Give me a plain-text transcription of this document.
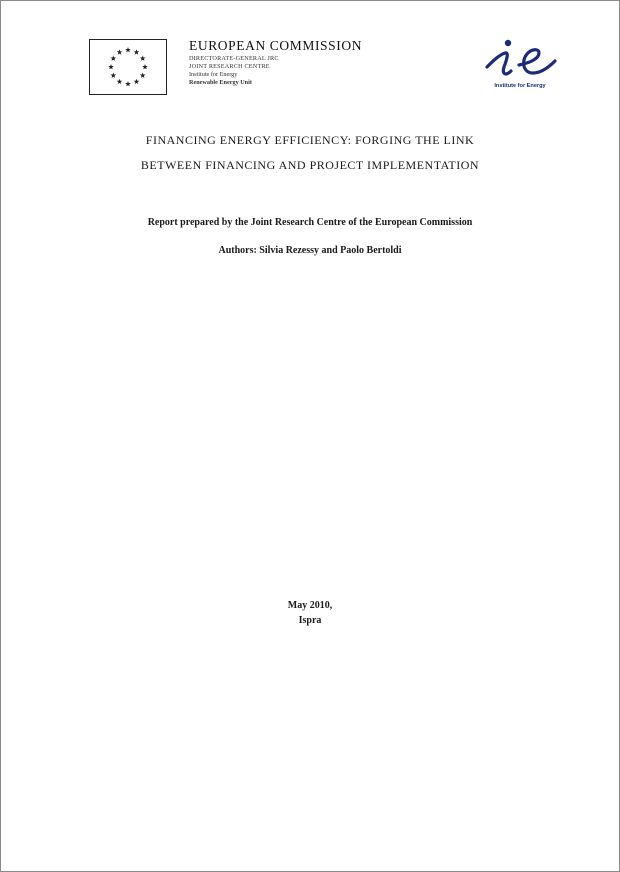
EUROPEAN COMMISSION
DIRECTORATE-GENERAL JRC
JOINT RESEARCH CENTRE
Institute for Energy
Renewable Energy Unit	Institute for Energy
FINANCING ENERGY EFFICIENCY: FORGING THE LINK
BETWEEN FINANCING AND PROJECT IMPLEMENTATION
Report prepared by the Joint Research Centre of the European Commission
Authors: Silvia Rezessy and Paolo Bertoldi
May 2010,
Ispra
